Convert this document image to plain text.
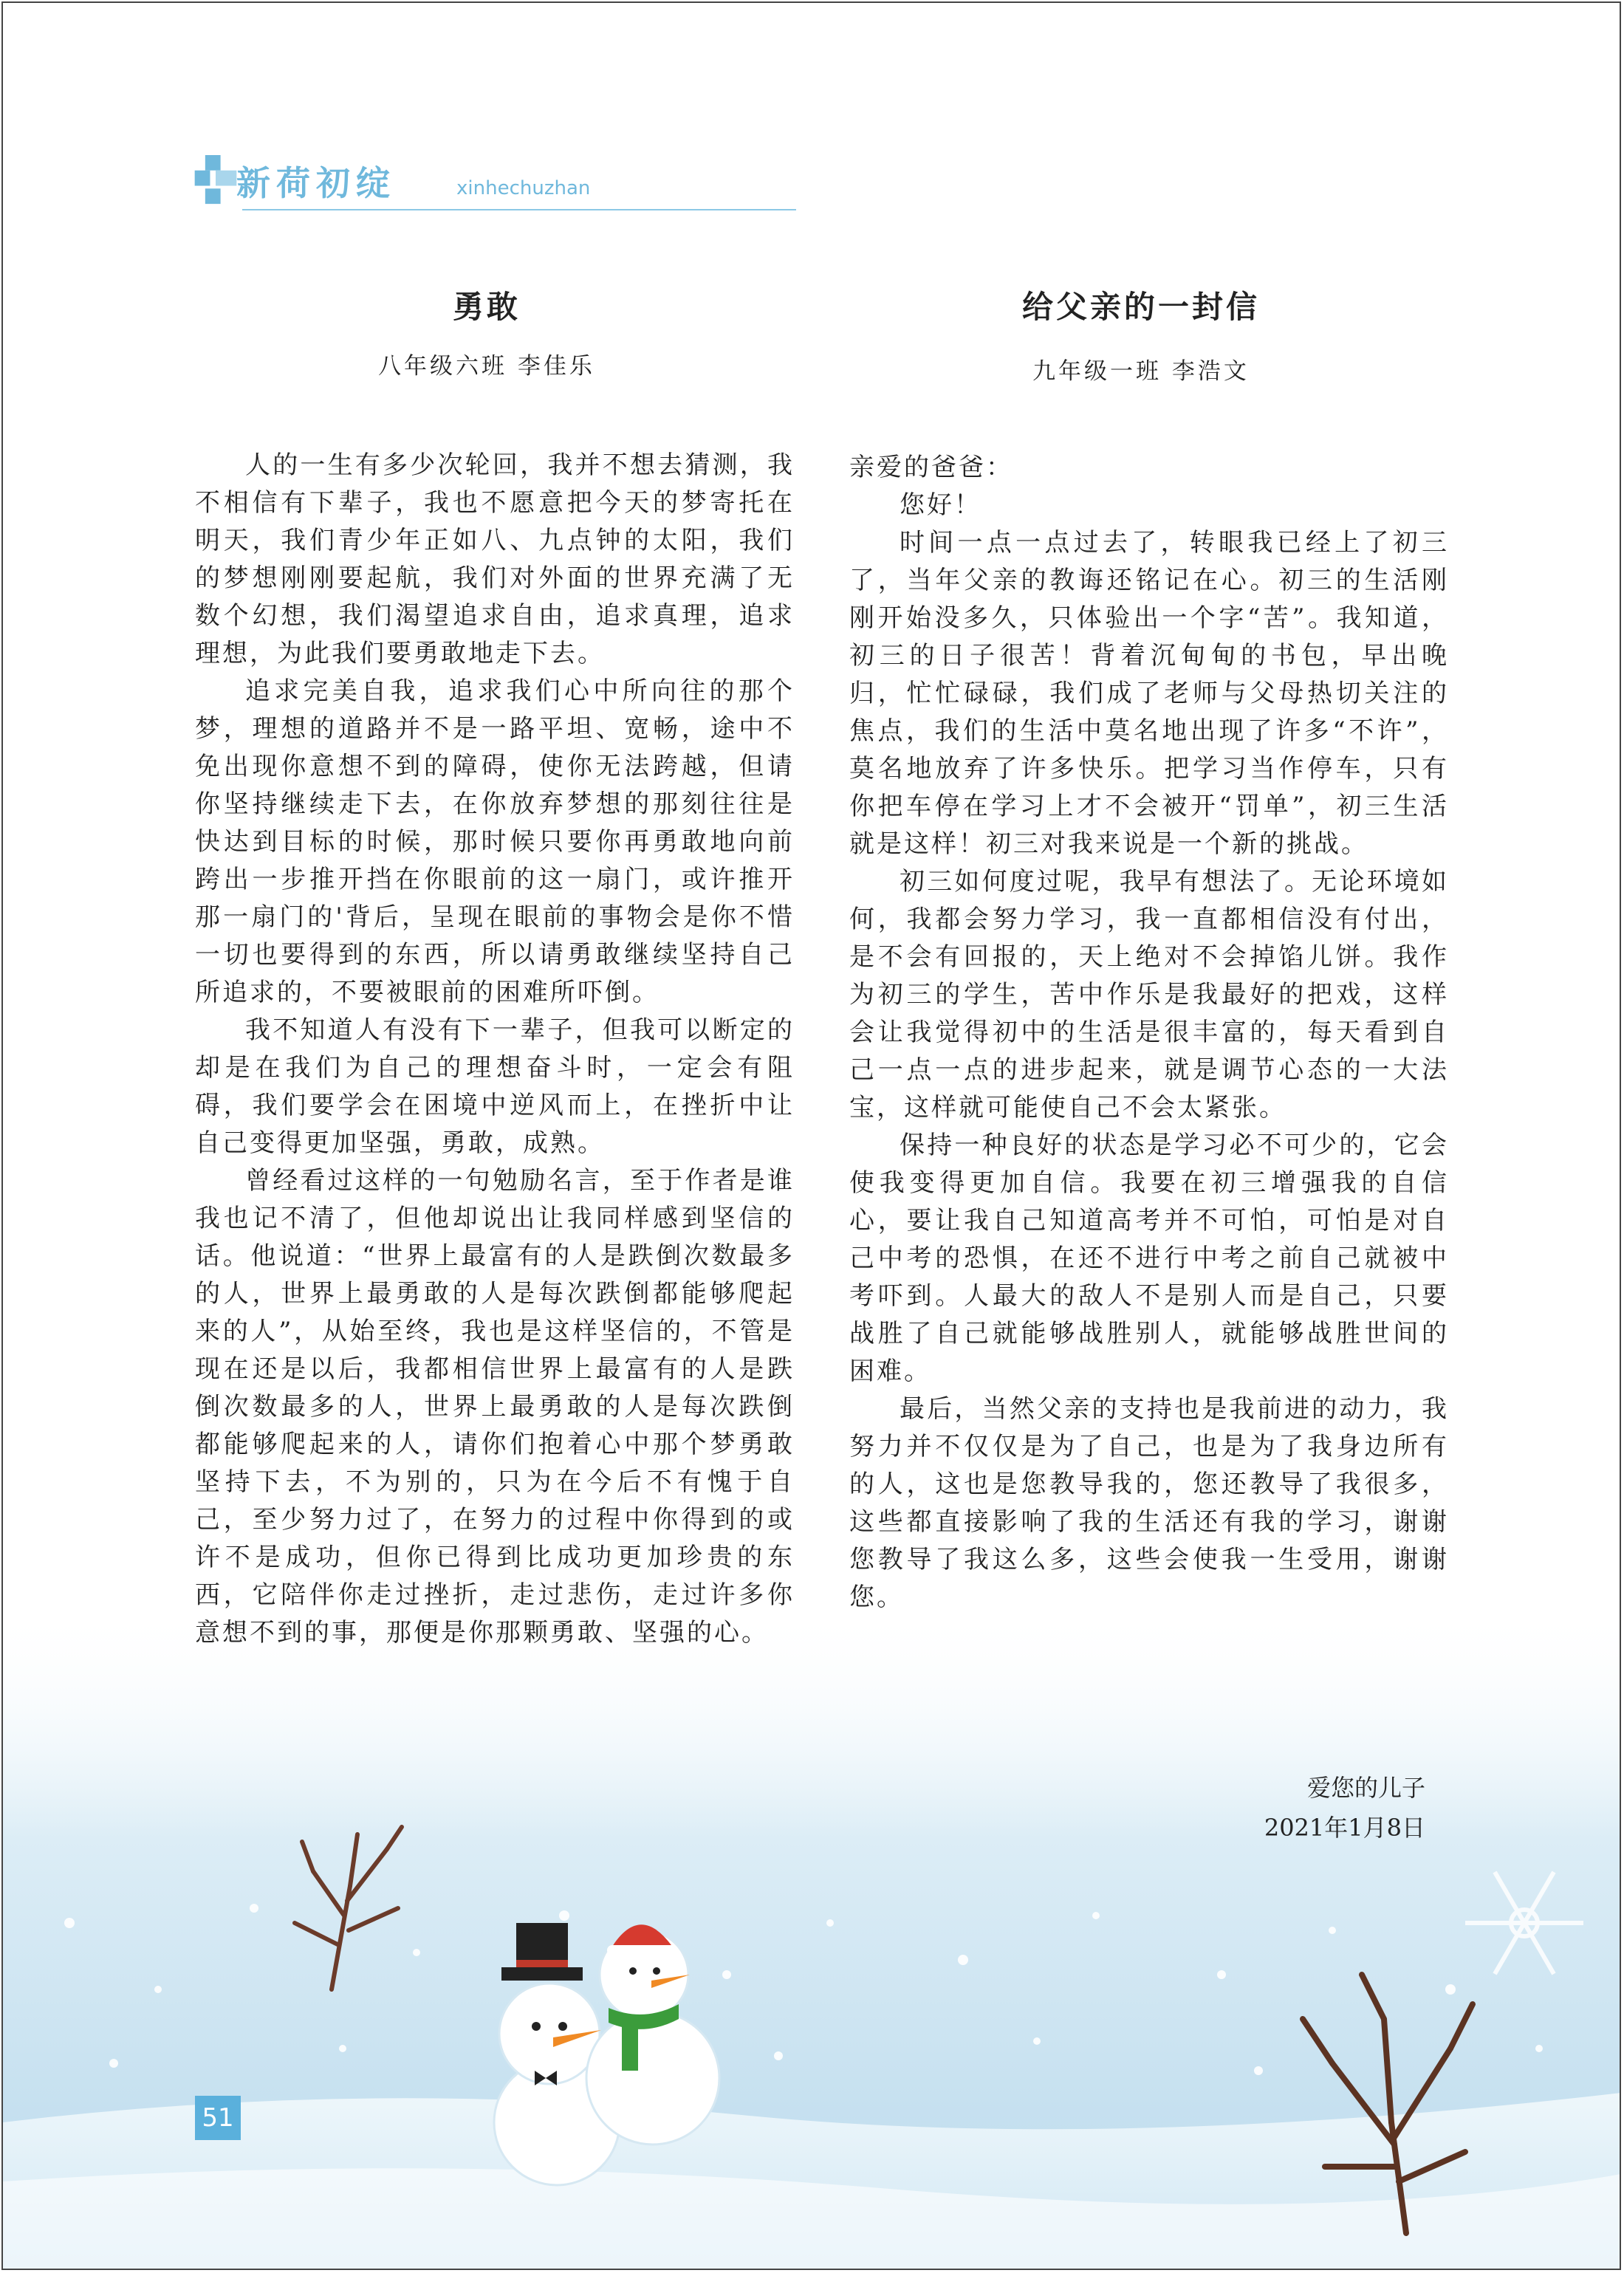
新荷初绽	xinhechuzhan
勇敢
八年级六班 李佳乐

人的一生有多少次轮回，我并不想去猜测，我不相信有下辈子，我也不愿意把今天的梦寄托在明天，我们青少年正如八、九点钟的太阳，我们的梦想刚刚要起航，我们对外面的世界充满了无数个幻想，我们渴望追求自由，追求真理，追求理想，为此我们要勇敢地走下去。

追求完美自我，追求我们心中所向往的那个梦，理想的道路并不是一路平坦、宽畅，途中不免出现你意想不到的障碍，使你无法跨越，但请你坚持继续走下去，在你放弃梦想的那刻往往是快达到目标的时候，那时候只要你再勇敢地向前跨出一步推开挡在你眼前的这一扇门，或许推开那一扇门的'背后，呈现在眼前的事物会是你不惜一切也要得到的东西，所以请勇敢继续坚持自己所追求的，不要被眼前的困难所吓倒。

我不知道人有没有下一辈子，但我可以断定的却是在我们为自己的理想奋斗时，一定会有阻碍，我们要学会在困境中逆风而上，在挫折中让自己变得更加坚强，勇敢，成熟。

曾经看过这样的一句勉励名言，至于作者是谁我也记不清了，但他却说出让我同样感到坚信的话。他说道：“世界上最富有的人是跌倒次数最多的人，世界上最勇敢的人是每次跌倒都能够爬起来的人”，从始至终，我也是这样坚信的，不管是现在还是以后，我都相信世界上最富有的人是跌倒次数最多的人，世界上最勇敢的人是每次跌倒都能够爬起来的人，请你们抱着心中那个梦勇敢坚持下去，不为别的，只为在今后不有愧于自己，至少努力过了，在努力的过程中你得到的或许不是成功，但你已得到比成功更加珍贵的东西，它陪伴你走过挫折，走过悲伤，走过许多你意想不到的事，那便是你那颗勇敢、坚强的心。

给父亲的一封信
九年级一班 李浩文

亲爱的爸爸：

您好！

时间一点一点过去了，转眼我已经上了初三了，当年父亲的教诲还铭记在心。初三的生活刚刚开始没多久，只体验出一个字“苦”。我知道，初三的日子很苦！背着沉甸甸的书包，早出晚归，忙忙碌碌，我们成了老师与父母热切关注的焦点，我们的生活中莫名地出现了许多“不许”，莫名地放弃了许多快乐。把学习当作停车，只有你把车停在学习上才不会被开“罚单”，初三生活就是这样！初三对我来说是一个新的挑战。

初三如何度过呢，我早有想法了。无论环境如何，我都会努力学习，我一直都相信没有付出，是不会有回报的，天上绝对不会掉馅儿饼。我作为初三的学生，苦中作乐是我最好的把戏，这样会让我觉得初中的生活是很丰富的，每天看到自己一点一点的进步起来，就是调节心态的一大法宝，这样就可能使自己不会太紧张。

保持一种良好的状态是学习必不可少的，它会使我变得更加自信。我要在初三增强我的自信心，要让我自己知道高考并不可怕，可怕是对自己中考的恐惧，在还不进行中考之前自己就被中考吓到。人最大的敌人不是别人而是自己，只要战胜了自己就能够战胜别人，就能够战胜世间的困难。

最后，当然父亲的支持也是我前进的动力，我努力并不仅仅是为了自己，也是为了我身边所有的人，这也是您教导我的，您还教导了我很多，这些都直接影响了我的生活还有我的学习，谢谢您教导了我这么多，这些会使我一生受用，谢谢您。

爱您的儿子
2021年1月8日
51
